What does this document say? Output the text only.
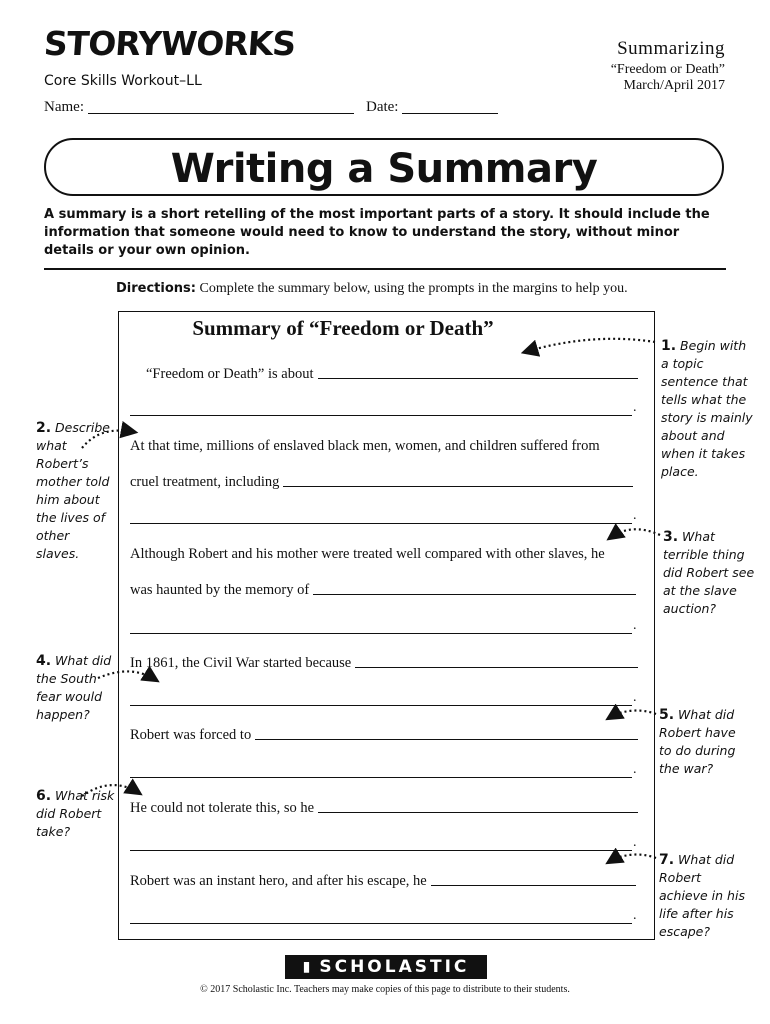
STORYWORKS
Core Skills Workout–LL
Name:	Date:
Summarizing
“Freedom or Death”
March/April 2017
Writing a Summary
A summary is a short retelling of the most important parts of a story. It should include the information that someone would need to know to understand the story, without minor details or your own opinion.
Directions: Complete the summary below, using the prompts in the margins to help you.
Summary of “Freedom or Death”
“Freedom or Death” is about
.
At that time, millions of enslaved black men, women, and children suffered from
cruel treatment, including
.
Although Robert and his mother were treated well compared with other slaves, he
was haunted by the memory of
.
In 1861, the Civil War started because
.
Robert was forced to
.
He could not tolerate this, so he
.
Robert was an instant hero, and after his escape, he
.
1. Begin with a topic sentence that tells what the story is mainly about and when it takes place.
2. Describe what Robert’s mother told him about the lives of other slaves.
3. What terrible thing did Robert see at the slave auction?
4. What did the South fear would happen?	5. What did Robert have to do during the war?
6. What risk did Robert take?
7. What did Robert achieve in his life after his escape?
▮ SCHOLASTIC
© 2017 Scholastic Inc. Teachers may make copies of this page to distribute to their students.
